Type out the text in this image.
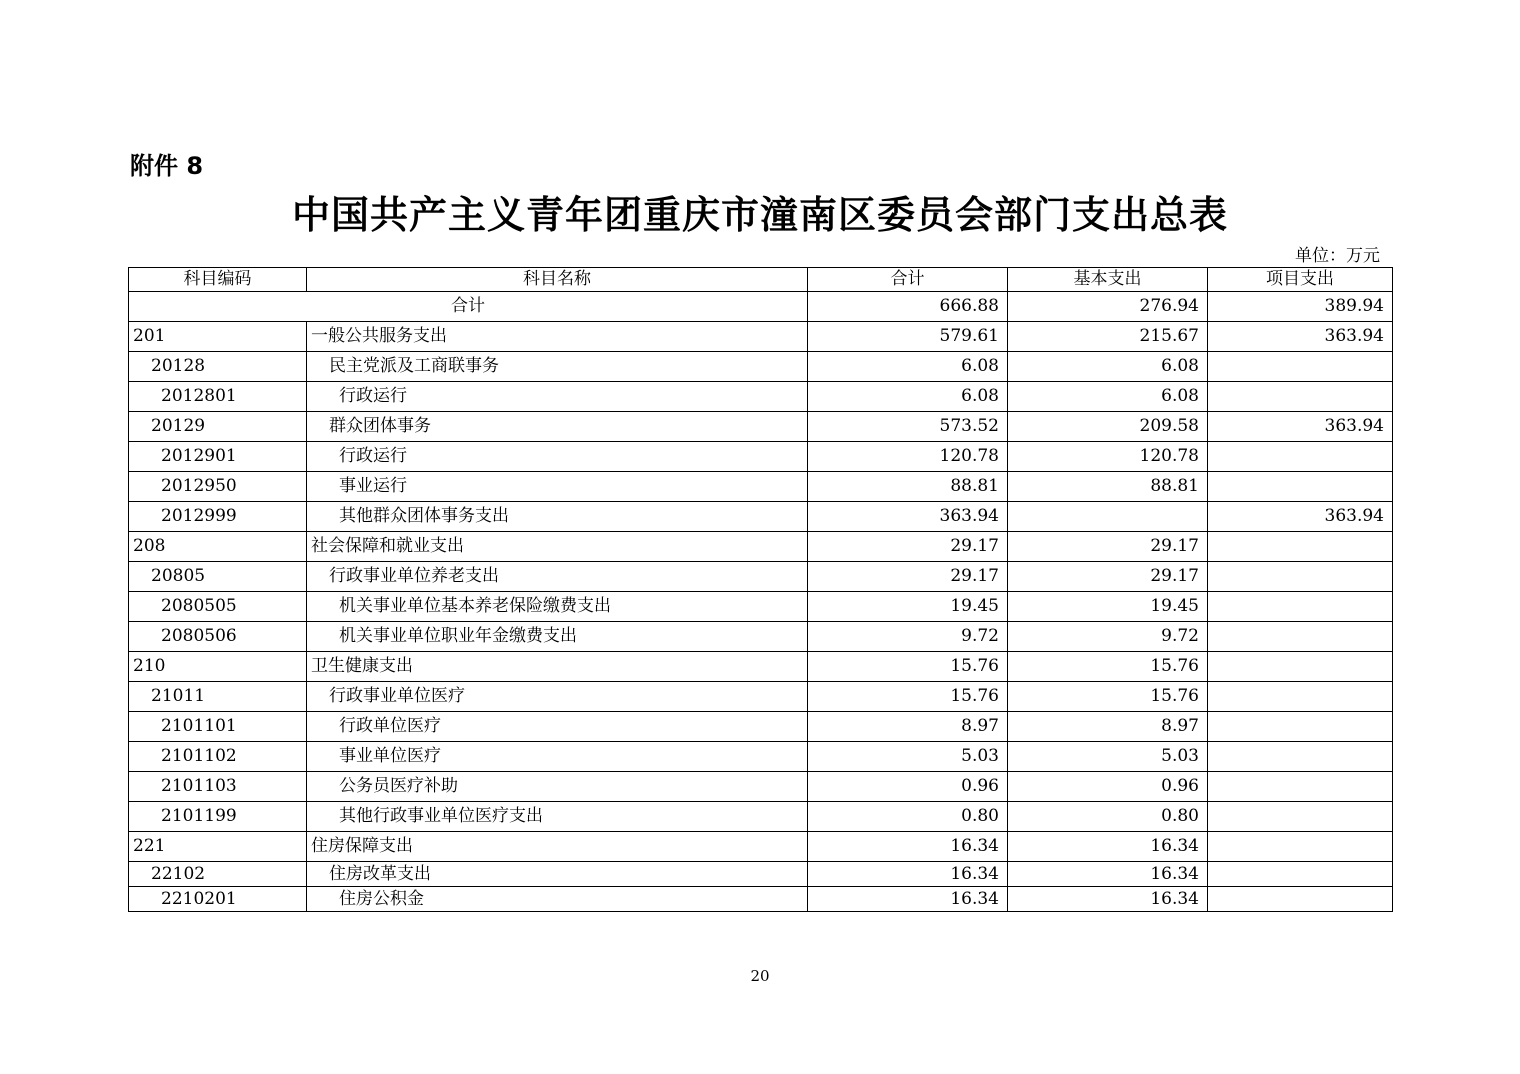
附件 8
中国共产主义青年团重庆市潼南区委员会部门支出总表
单位：万元
科目编码	科目名称	合计	基本支出	项目支出
合计		666.88	276.94	389.94
201	一般公共服务支出	579.61	215.67	363.94
20128	民主党派及工商联事务	6.08	6.08	
2012801	行政运行	6.08	6.08	
20129	群众团体事务	573.52	209.58	363.94
2012901	行政运行	120.78	120.78	
2012950	事业运行	88.81	88.81	
2012999	其他群众团体事务支出	363.94		363.94
208	社会保障和就业支出	29.17	29.17	
20805	行政事业单位养老支出	29.17	29.17	
2080505	机关事业单位基本养老保险缴费支出	19.45	19.45	
2080506	机关事业单位职业年金缴费支出	9.72	9.72	
210	卫生健康支出	15.76	15.76	
21011	行政事业单位医疗	15.76	15.76	
2101101	行政单位医疗	8.97	8.97	
2101102	事业单位医疗	5.03	5.03	
2101103	公务员医疗补助	0.96	0.96	
2101199	其他行政事业单位医疗支出	0.80	0.80	
221	住房保障支出	16.34	16.34	
22102	住房改革支出	16.34	16.34	
2210201	住房公积金	16.34	16.34	
20
